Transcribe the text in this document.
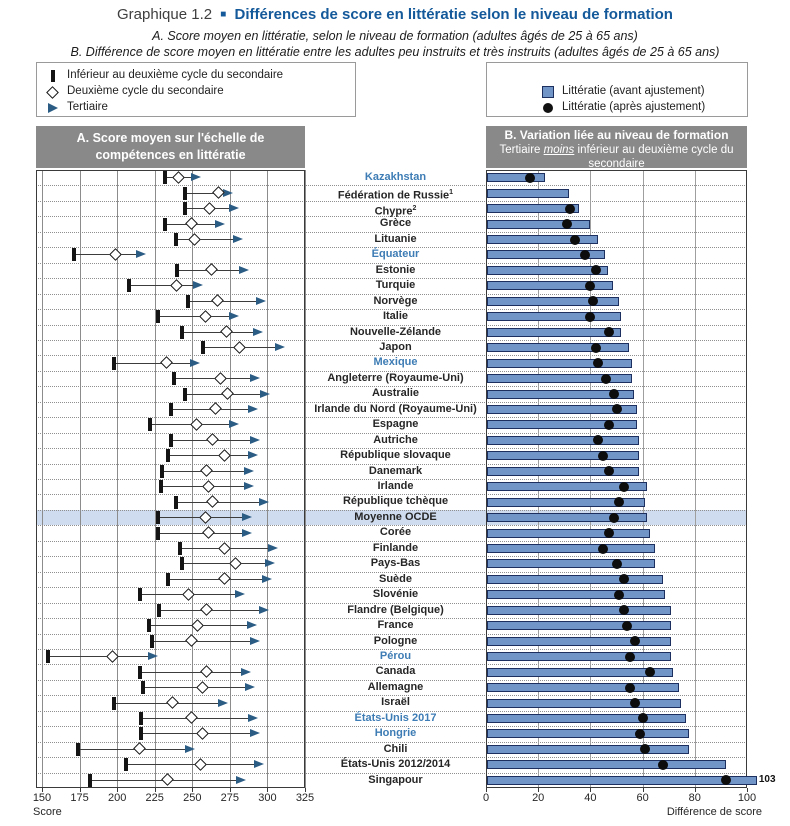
Graphique 1.2 ■ Différences de score en littératie selon le niveau de formation
A. Score moyen en littératie, selon le niveau de formation (adultes âgés de 25 à 65 ans)
B. Différence de score moyen en littératie entre les adultes peu instruits et très instruits (adultes âgés de 25 à 65 ans)
Inférieur au deuxième cycle du secondaire
Deuxième cycle du secondaire
Tertiaire
Littératie (avant ajustement)
Littératie (après ajustement)
A. Score moyen sur l'échelle de compétences en littératie
B. Variation liée au niveau de formation
Tertiaire moins inférieur au deuxième cycle du secondaire
Kazakhstan
Fédération de Russie$^1$
Chypre$^2$
Grèce
Lituanie
Équateur
Estonie
Turquie
Norvège
Italie
Nouvelle-Zélande
Japon
Mexique
Angleterre (Royaume-Uni)
Australie
Irlande du Nord (Royaume-Uni)
Espagne
Autriche
République slovaque
Danemark
Irlande
République tchèque
Moyenne OCDE
Corée
Finlande
Pays-Bas
Suède
Slovénie
Flandre (Belgique)
France
Pologne
Pérou
Canada
Allemagne
Israël
États-Unis 2017
Hongrie
Chili
États-Unis 2012/2014
Singapour	103
150	175	200	225	250	275	300	325	0	20	40	60	80	100
Score	Différence de score
